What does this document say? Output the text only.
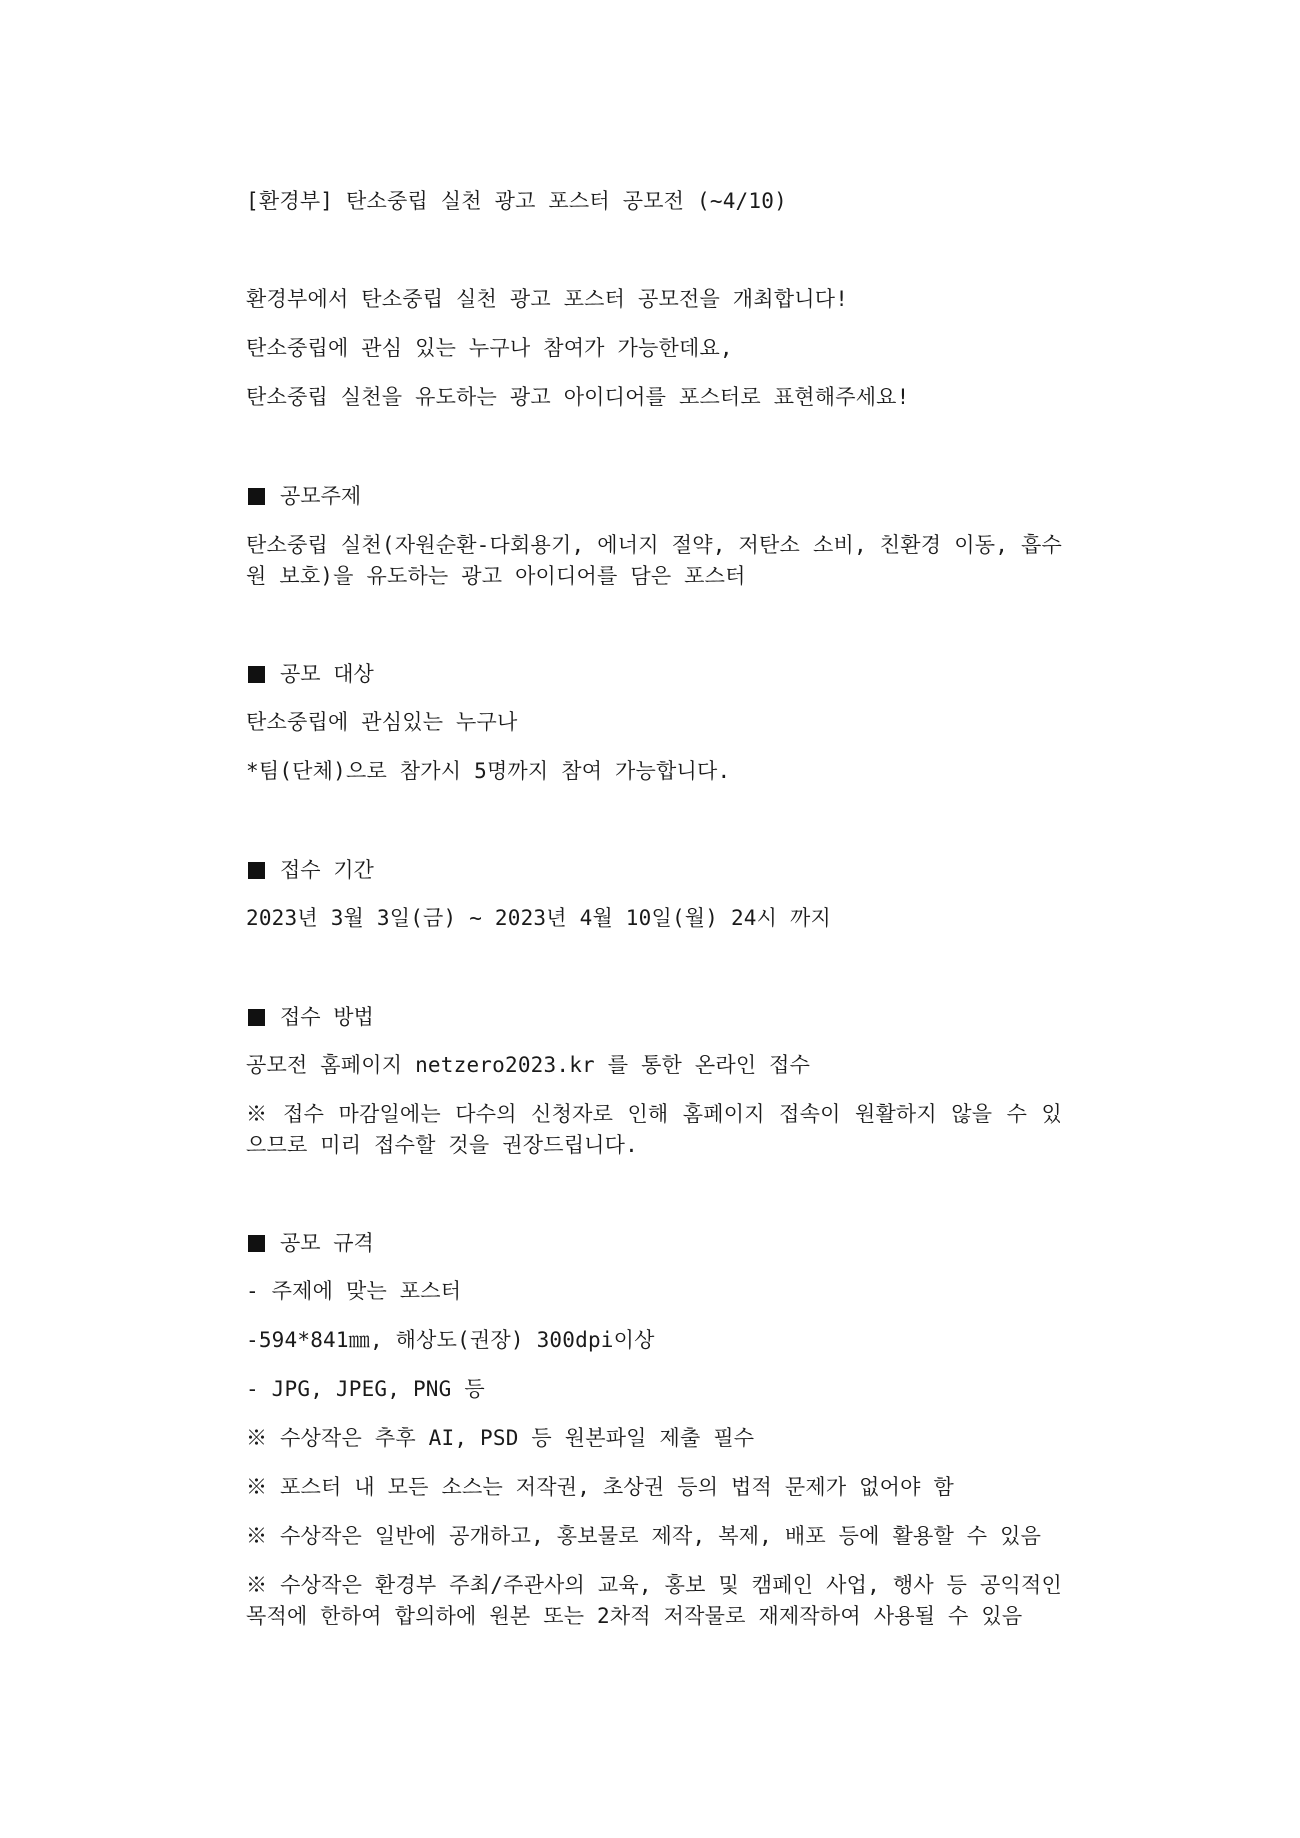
[환경부] 탄소중립 실천 광고 포스터 공모전 (~4/10)
환경부에서 탄소중립 실천 광고 포스터 공모전을 개최합니다!
탄소중립에 관심 있는 누구나 참여가 가능한데요,
탄소중립 실천을 유도하는 광고 아이디어를 포스터로 표현해주세요!
공모주제
탄소중립 실천(자원순환-다회용기, 에너지 절약, 저탄소 소비, 친환경 이동, 흡수원 보호)을 유도하는 광고 아이디어를 담은 포스터
공모 대상
탄소중립에 관심있는 누구나
*팀(단체)으로 참가시 5명까지 참여 가능합니다.
접수 기간
2023년 3월 3일(금) ~ 2023년 4월 10일(월) 24시 까지
접수 방법
공모전 홈페이지 netzero2023.kr 를 통한 온라인 접수
※ 접수 마감일에는 다수의 신청자로 인해 홈페이지 접속이 원활하지 않을 수 있으므로 미리 접수할 것을 권장드립니다.
공모 규격
- 주제에 맞는 포스터
-594*841㎜, 해상도(권장) 300dpi이상
- JPG, JPEG, PNG 등
※ 수상작은 추후 AI, PSD 등 원본파일 제출 필수
※ 포스터 내 모든 소스는 저작권, 초상권 등의 법적 문제가 없어야 함
※ 수상작은 일반에 공개하고, 홍보물로 제작, 복제, 배포 등에 활용할 수 있음
※ 수상작은 환경부 주최/주관사의 교육, 홍보 및 캠페인 사업, 행사 등 공익적인 목적에 한하여 합의하에 원본 또는 2차적 저작물로 재제작하여 사용될 수 있음
